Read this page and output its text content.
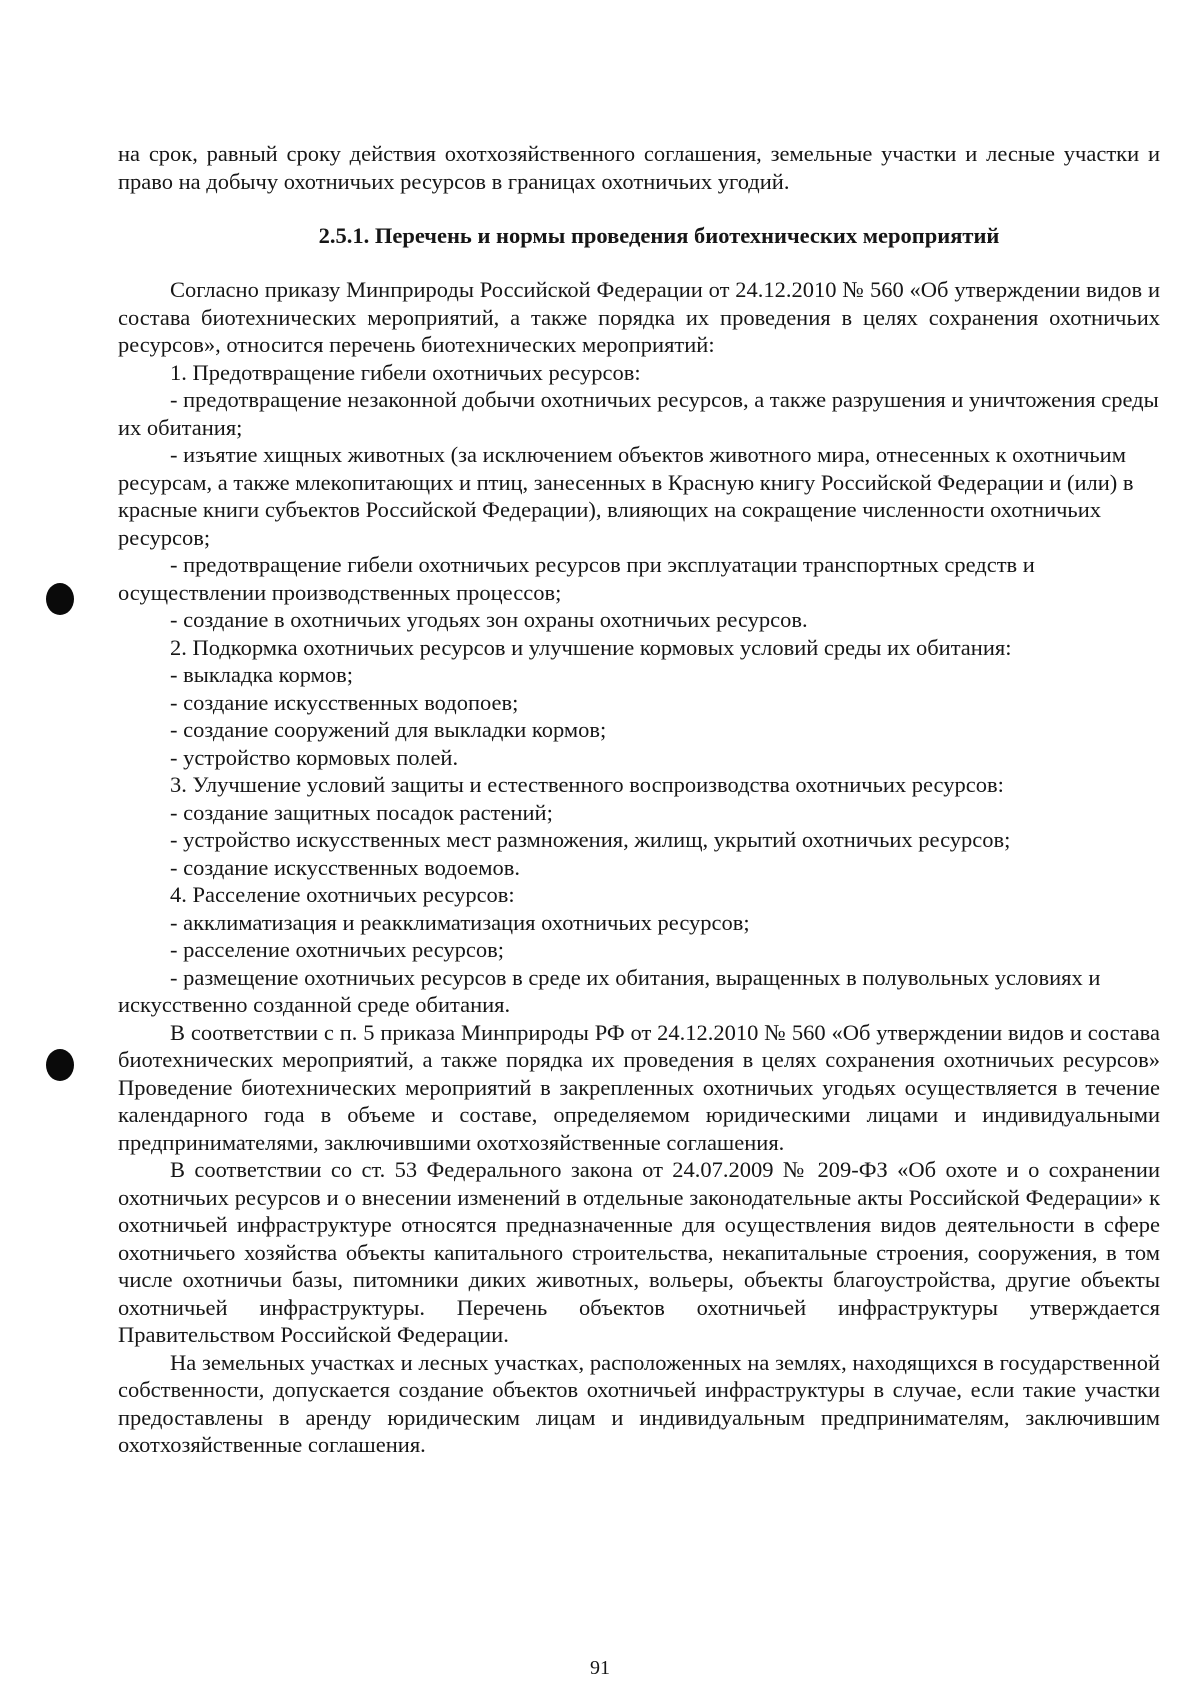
на срок, равный сроку действия охотхозяйственного соглашения, земельные участки и лесные участки и право на добычу охотничьих ресурсов в границах охотничьих угодий.

2.5.1. Перечень и нормы проведения биотехнических мероприятий

Согласно приказу Минприроды Российской Федерации от 24.12.2010 № 560 «Об утверждении видов и состава биотехнических мероприятий, а также порядка их проведения в целях сохранения охотничьих ресурсов», относится перечень биотехнических мероприятий:

1. Предотвращение гибели охотничьих ресурсов:

- предотвращение незаконной добычи охотничьих ресурсов, а также разрушения и уничтожения среды их обитания;

- изъятие хищных животных (за исключением объектов животного мира, отнесенных к охотничьим ресурсам, а также млекопитающих и птиц, занесенных в Красную книгу Российской Федерации и (или) в красные книги субъектов Российской Федерации), влияющих на сокращение численности охотничьих ресурсов;

- предотвращение гибели охотничьих ресурсов при эксплуатации транспортных средств и осуществлении производственных процессов;

- создание в охотничьих угодьях зон охраны охотничьих ресурсов.

2. Подкормка охотничьих ресурсов и улучшение кормовых условий среды их обитания:

- выкладка кормов;

- создание искусственных водопоев;

- создание сооружений для выкладки кормов;

- устройство кормовых полей.

3. Улучшение условий защиты и естественного воспроизводства охотничьих ресурсов:

- создание защитных посадок растений;

- устройство искусственных мест размножения, жилищ, укрытий охотничьих ресурсов;

- создание искусственных водоемов.

4. Расселение охотничьих ресурсов:

- акклиматизация и реакклиматизация охотничьих ресурсов;

- расселение охотничьих ресурсов;

- размещение охотничьих ресурсов в среде их обитания, выращенных в полувольных условиях и искусственно созданной среде обитания.

В соответствии с п. 5 приказа Минприроды РФ от 24.12.2010 № 560 «Об утверждении видов и состава биотехнических мероприятий, а также порядка их проведения в целях сохранения охотничьих ресурсов» Проведение биотехнических мероприятий в закрепленных охотничьих угодьях осуществляется в течение календарного года в объеме и составе, определяемом юридическими лицами и индивидуальными предпринимателями, заключившими охотхозяйственные соглашения.

В соответствии со ст. 53 Федерального закона от 24.07.2009 № 209-ФЗ «Об охоте и о сохранении охотничьих ресурсов и о внесении изменений в отдельные законодательные акты Российской Федерации» к охотничьей инфраструктуре относятся предназначенные для осуществления видов деятельности в сфере охотничьего хозяйства объекты капитального строительства, некапитальные строения, сооружения, в том числе охотничьи базы, питомники диких животных, вольеры, объекты благоустройства, другие объекты охотничьей инфраструктуры. Перечень объектов охотничьей инфраструктуры утверждается Правительством Российской Федерации.

На земельных участках и лесных участках, расположенных на землях, находящихся в государственной собственности, допускается создание объектов охотничьей инфраструктуры в случае, если такие участки предоставлены в аренду юридическим лицам и индивидуальным предпринимателям, заключившим охотхозяйственные соглашения.

91
